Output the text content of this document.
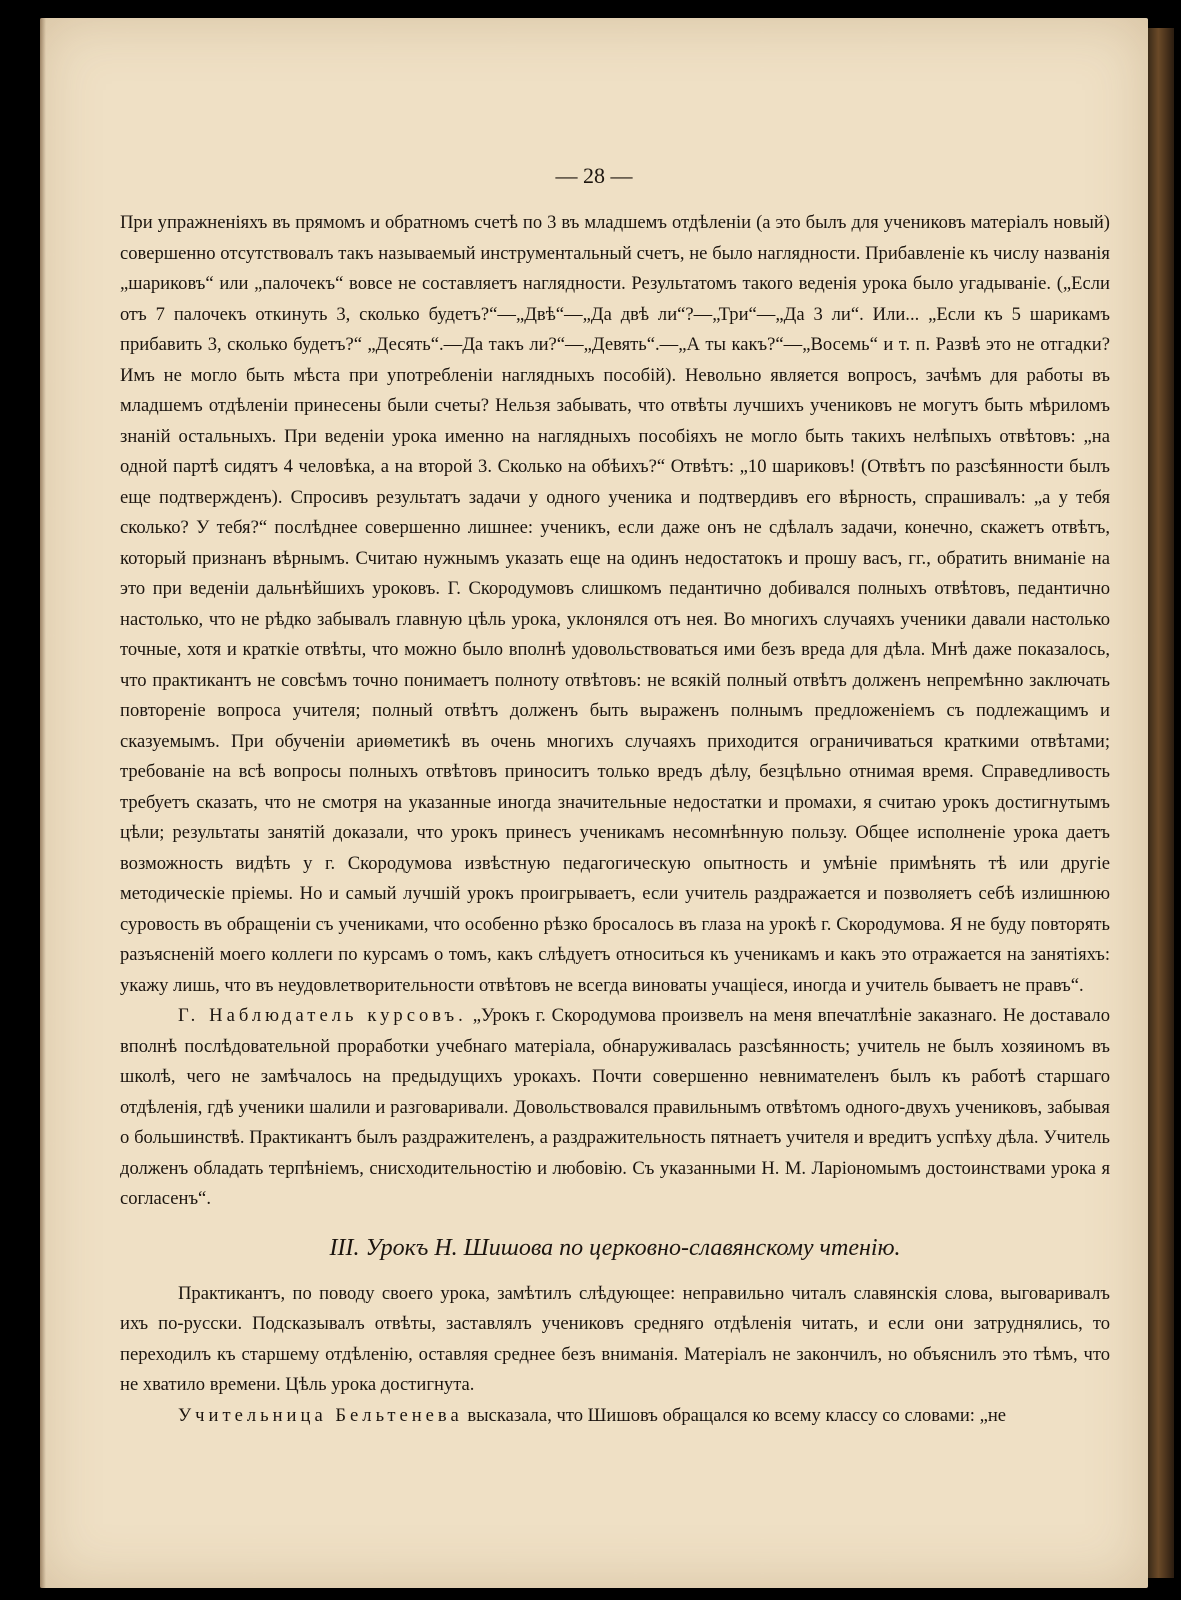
— 28 —

При упражненiяхъ въ прямомъ и обратномъ счетѣ по 3 въ младшемъ отдѣленiи (а это былъ для учениковъ матерiалъ новый) совершенно отсутствовалъ такъ называемый инструментальный счетъ, не было наглядности. Прибавленiе къ числу названiя „шариковъ“ или „палочекъ“ вовсе не составляетъ наглядности. Результатомъ такого веденiя урока было угадыванiе. („Если отъ 7 палочекъ откинуть 3, сколько будетъ?“—„Двѣ“—„Да двѣ ли“?—„Три“—„Да 3 ли“. Или... „Если къ 5 шарикамъ прибавить 3, сколько будетъ?“ „Десять“.—Да такъ ли?“—„Девять“.—„А ты какъ?“—„Восемь“ и т. п. Развѣ это не отгадки? Имъ не могло быть мѣста при употребленiи наглядныхъ пособiй). Невольно является вопросъ, зачѣмъ для работы въ младшемъ отдѣленiи принесены были счеты? Нельзя забывать, что отвѣты лучшихъ учениковъ не могутъ быть мѣриломъ знанiй остальныхъ. При веденiи урока именно на наглядныхъ пособiяхъ не могло быть такихъ нелѣпыхъ отвѣтовъ: „на одной партѣ сидятъ 4 человѣка, а на второй 3. Сколько на обѣихъ?“ Отвѣтъ: „10 шариковъ! (Отвѣтъ по разсѣянности былъ еще подтвержденъ). Спросивъ результатъ задачи у одного ученика и подтвердивъ его вѣрность, спрашивалъ: „а у тебя сколько? У тебя?“ послѣднее совершенно лишнее: ученикъ, если даже онъ не сдѣлалъ задачи, конечно, скажетъ отвѣтъ, который признанъ вѣрнымъ. Считаю нужнымъ указать еще на одинъ недостатокъ и прошу васъ, гг., обратить вниманiе на это при веденiи дальнѣйшихъ уроковъ. Г. Скородумовъ слишкомъ педантично добивался полныхъ отвѣтовъ, педантично настолько, что не рѣдко забывалъ главную цѣль урока, уклонялся отъ нея. Во многихъ случаяхъ ученики давали настолько точные, хотя и краткiе отвѣты, что можно было вполнѣ удовольствоваться ими безъ вреда для дѣла. Мнѣ даже показалось, что практикантъ не совсѣмъ точно понимаетъ полноту отвѣтовъ: не всякiй полный отвѣтъ долженъ непремѣнно заключать повторенiе вопроса учителя; полный отвѣтъ долженъ быть выраженъ полнымъ предложенiемъ съ подлежащимъ и сказуемымъ. При обученiи ариѳметикѣ въ очень многихъ случаяхъ приходится ограничиваться краткими отвѣтами; требованiе на всѣ вопросы полныхъ отвѣтовъ приноситъ только вредъ дѣлу, безцѣльно отнимая время. Справедливость требуетъ сказать, что не смотря на указанные иногда значительные недостатки и промахи, я считаю урокъ достигнутымъ цѣли; результаты занятiй доказали, что урокъ принесъ ученикамъ несомнѣнную пользу. Общее исполненiе урока даетъ возможность видѣть у г. Скородумова извѣстную педагогическую опытность и умѣнiе примѣнять тѣ или другiе методическiе прiемы. Но и самый лучшiй урокъ проигрываетъ, если учитель раздражается и позволяетъ себѣ излишнюю суровость въ обращенiи съ учениками, что особенно рѣзко бросалось въ глаза на урокѣ г. Скородумова. Я не буду повторять разъясненiй моего коллеги по курсамъ о томъ, какъ слѣдуетъ относиться къ ученикамъ и какъ это отражается на занятiяхъ: укажу лишь, что въ неудовлетворительности отвѣтовъ не всегда виноваты учащiеся, иногда и учитель бываетъ не правъ“.

Г. Наблюдатель курсовъ. „Урокъ г. Скородумова произвелъ на меня впечатлѣнiе заказнаго. Не доставало вполнѣ послѣдовательной проработки учебнаго матерiала, обнаруживалась разсѣянность; учитель не былъ хозяиномъ въ школѣ, чего не замѣчалось на предыдущихъ урокахъ. Почти совершенно невнимателенъ былъ къ работѣ старшаго отдѣленiя, гдѣ ученики шалили и разговаривали. Довольствовался правильнымъ отвѣтомъ одного-двухъ учениковъ, забывая о большинствѣ. Практикантъ былъ раздражителенъ, а раздражительность пятнаетъ учителя и вредитъ успѣху дѣла. Учитель долженъ обладать терпѣнiемъ, снисходительностiю и любовiю. Съ указанными Н. М. Ларiономымъ достоинствами урока я согласенъ“.

III. Урокъ Н. Шишова по церковно-славянскому чтенiю.

Практикантъ, по поводу своего урока, замѣтилъ слѣдующее: неправильно читалъ славянскiя слова, выговаривалъ ихъ по-русски. Подсказывалъ отвѣты, заставлялъ учениковъ средняго отдѣленiя читать, и если они затруднялись, то переходилъ къ старшему отдѣленiю, оставляя среднее безъ вниманiя. Матерiалъ не закончилъ, но объяснилъ это тѣмъ, что не хватило времени. Цѣль урока достигнута.

Учительница Бельтенева высказала, что Шишовъ обращался ко всему классу со словами: „не
